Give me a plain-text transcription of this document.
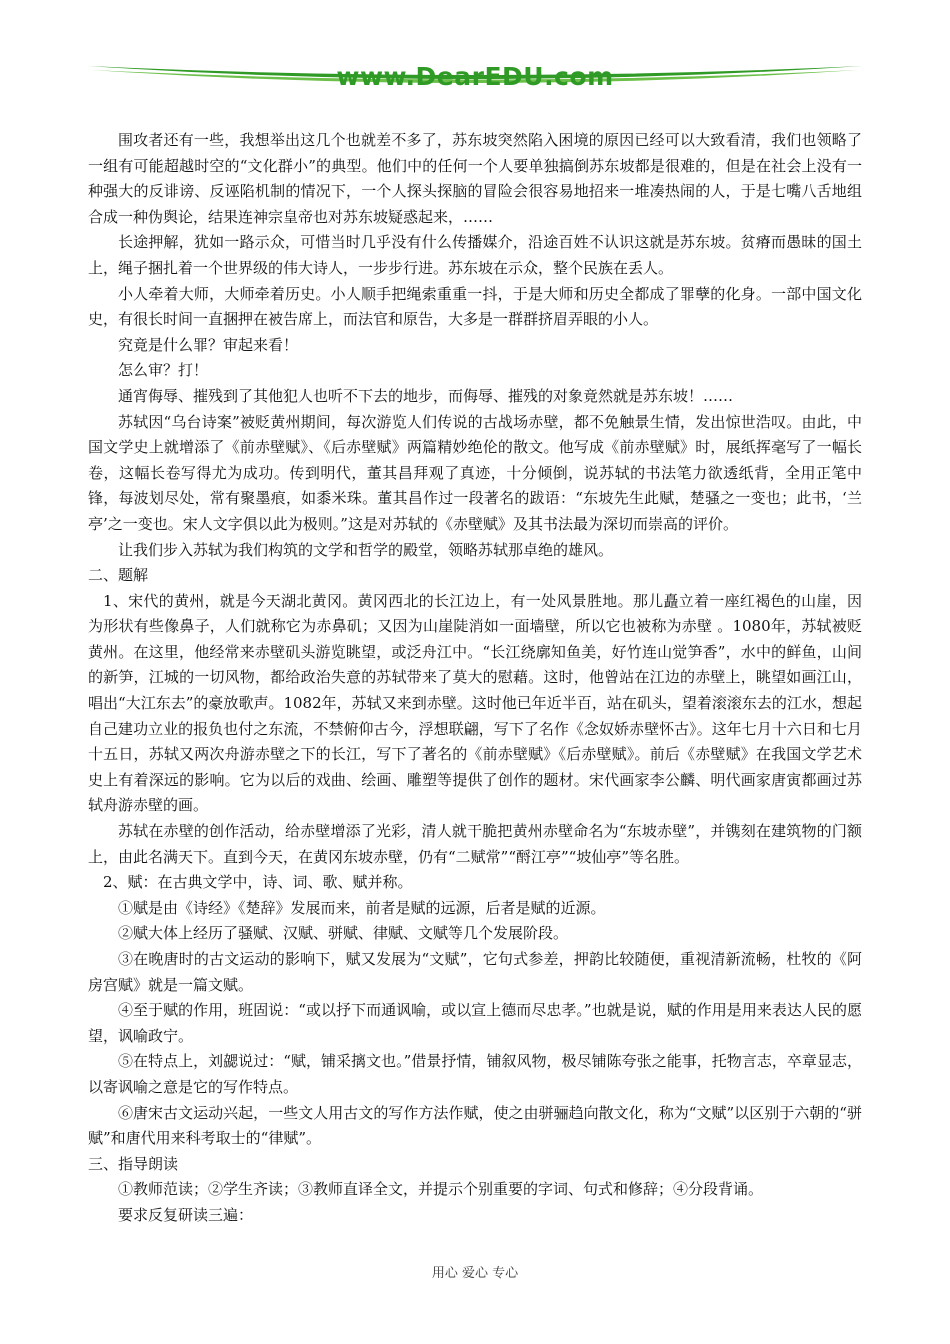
www.DearEDU.com

围攻者还有一些，我想举出这几个也就差不多了，苏东坡突然陷入困境的原因已经可以大致看清，我们也领略了一组有可能超越时空的“文化群小”的典型。他们中的任何一个人要单独搞倒苏东坡都是很难的，但是在社会上没有一种强大的反诽谤、反诬陷机制的情况下，一个人探头探脑的冒险会很容易地招来一堆凑热闹的人，于是七嘴八舌地组合成一种伪舆论，结果连神宗皇帝也对苏东坡疑惑起来，……

长途押解，犹如一路示众，可惜当时几乎没有什么传播媒介，沿途百姓不认识这就是苏东坡。贫瘠而愚昧的国土上，绳子捆扎着一个世界级的伟大诗人，一步步行进。苏东坡在示众，整个民族在丢人。

小人牵着大师，大师牵着历史。小人顺手把绳索重重一抖，于是大师和历史全都成了罪孽的化身。一部中国文化史，有很长时间一直捆押在被告席上，而法官和原告，大多是一群群挤眉弄眼的小人。

究竟是什么罪？审起来看！

怎么审？打！

通宵侮辱、摧残到了其他犯人也听不下去的地步，而侮辱、摧残的对象竟然就是苏东坡！……

苏轼因“乌台诗案”被贬黄州期间，每次游览人们传说的古战场赤壁，都不免触景生情，发出惊世浩叹。由此，中国文学史上就增添了《前赤壁赋》、《后赤壁赋》两篇精妙绝伦的散文。他写成《前赤壁赋》时，展纸挥毫写了一幅长卷，这幅长卷写得尤为成功。传到明代，董其昌拜观了真迹，十分倾倒，说苏轼的书法笔力欲透纸背，全用正笔中锋，每波划尽处，常有聚墨痕，如黍米珠。董其昌作过一段著名的跋语：“东坡先生此赋，楚骚之一变也；此书，‘兰亭’之一变也。宋人文字俱以此为极则。”这是对苏轼的《赤壁赋》及其书法最为深切而崇高的评价。

让我们步入苏轼为我们构筑的文学和哲学的殿堂，领略苏轼那卓绝的雄风。

二、题解

1、宋代的黄州，就是今天湖北黄冈。黄冈西北的长江边上，有一处风景胜地。那儿矗立着一座红褐色的山崖，因为形状有些像鼻子，人们就称它为赤鼻矶；又因为山崖陡消如一面墙壁，所以它也被称为赤壁 。1080年，苏轼被贬黄州。在这里，他经常来赤壁矶头游览眺望，或泛舟江中。“长江绕廓知鱼美，好竹连山觉笋香”，水中的鲜鱼，山间的新笋，江城的一切风物，都给政治失意的苏轼带来了莫大的慰藉。这时，他曾站在江边的赤壁上，眺望如画江山，唱出“大江东去”的豪放歌声。1082年，苏轼又来到赤壁。这时他已年近半百，站在矶头，望着滚滚东去的江水，想起自己建功立业的报负也付之东流，不禁俯仰古今，浮想联翩，写下了名作《念奴娇赤壁怀古》。这年七月十六日和七月十五日，苏轼又两次舟游赤壁之下的长江，写下了著名的《前赤壁赋》《后赤壁赋》。前后《赤壁赋》在我国文学艺术史上有着深远的影响。它为以后的戏曲、绘画、雕塑等提供了创作的题材。宋代画家李公麟、明代画家唐寅都画过苏轼舟游赤壁的画。

苏轼在赤壁的创作活动，给赤壁增添了光彩，清人就干脆把黄州赤壁命名为“东坡赤壁”，并镌刻在建筑物的门额上，由此名满天下。直到今天，在黄冈东坡赤壁，仍有“二赋常”“酹江亭”“坡仙亭”等名胜。

2、赋：在古典文学中，诗、词、歌、赋并称。

①赋是由《诗经》《楚辞》发展而来，前者是赋的远源，后者是赋的近源。

②赋大体上经历了骚赋、汉赋、骈赋、律赋、文赋等几个发展阶段。

③在晚唐时的古文运动的影响下，赋又发展为“文赋”，它句式参差，押韵比较随便，重视清新流畅，杜牧的《阿房宫赋》就是一篇文赋。

④至于赋的作用，班固说：“或以抒下而通讽喻，或以宣上德而尽忠孝。”也就是说，赋的作用是用来表达人民的愿望，讽喻政宁。

⑤在特点上，刘勰说过：“赋，铺采摛文也。”借景抒情，铺叙风物，极尽铺陈夸张之能事，托物言志，卒章显志，以寄讽喻之意是它的写作特点。

⑥唐宋古文运动兴起，一些文人用古文的写作方法作赋，使之由骈骊趋向散文化，称为“文赋”以区别于六朝的“骈赋”和唐代用来科考取士的“律赋”。

三、指导朗读

①教师范读；②学生齐读；③教师直译全文，并提示个别重要的字词、句式和修辞；④分段背诵。

要求反复研读三遍：

用心 爱心 专心
